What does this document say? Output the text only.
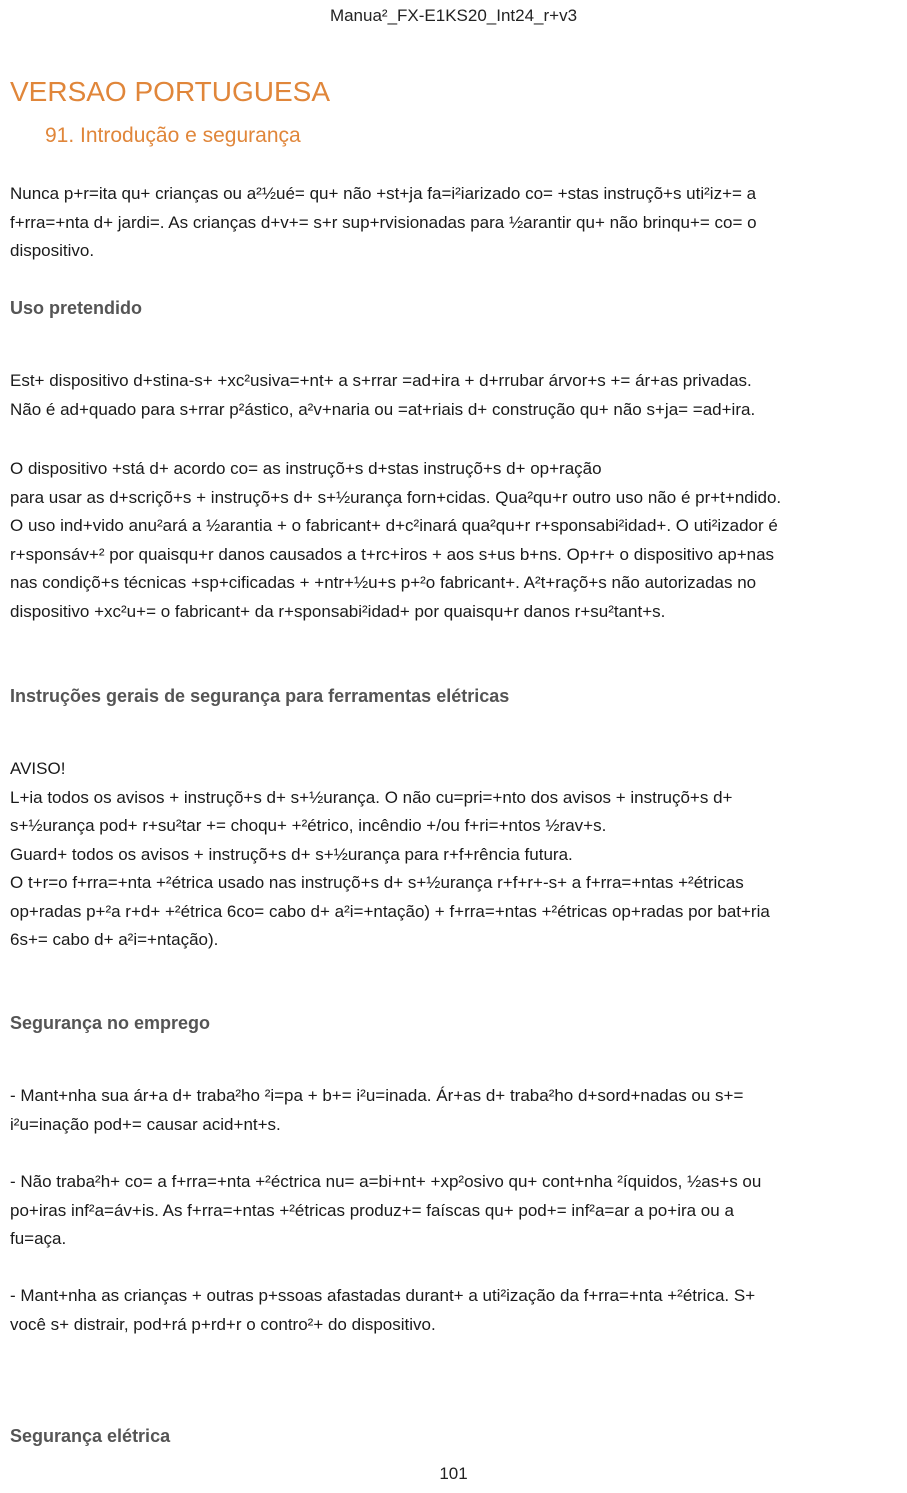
Manua²_FX-E1KS20_Int24_r+v3
VERSAO PORTUGUESA
91. Introdução e segurança

Nunca p+r=ita qu+ crianças ou a²½ué= qu+ não +st+ja fa=i²iarizado co= +stas instruç͏õ+s uti²iz+= a
f+rra=+nta d+ jardi=. As crianças d+v+= s+r sup+rvisionadas para ½arantir qu+ não brinqu+= co= o
dispositivo.

Uso pretendido

Est+ dispositivo d+stina-s+ +xc²usiva=+nt+ a s+rrar =ad+ira + d+rrubar árvor+s += ár+as privadas.
Não é ad+quado para s+rrar p²ástico, a²v+naria ou =at+riais d+ construção qu+ não s+ja= =ad+ira.

O dispositivo +stá d+ acordo co= as instruç͏õ+s d+stas instruç͏õ+s d+ op+ração
para usar as d+scriç͏õ+s + instruç͏õ+s d+ s+½urança forn+cidas. Qua²qu+r outro uso não é pr+t+ndido.
O uso ind+vido anu²ará a ½arantia + o fabricant+ d+c²inará qua²qu+r r+sponsabi²idad+. O uti²izador é
r+sponsáv+² por quaisqu+r danos causados a t+rc+iros + aos s+us b+ns. Op+r+ o dispositivo ap+nas
nas condiç͏õ+s técnicas +sp+cificadas + +ntr+½u+s p+²o fabricant+. A²t+raç͏õ+s não autorizadas no
dispositivo +xc²u+= o fabricant+ da r+sponsabi²idad+ por quaisqu+r danos r+su²tant+s.

Instruções gerais de segurança para ferramentas elétricas

AVISO!
L+ia todos os avisos + instruç͏õ+s d+ s+½urança. O não cu=pri=+nto dos avisos + instruç͏õ+s d+
s+½urança pod+ r+su²tar += choqu+ +²étrico, incêndio +/ou f+ri=+ntos ½rav+s.
Guard+ todos os avisos + instruç͏õ+s d+ s+½urança para r+f+rência futura.
O t+r=o f+rra=+nta +²étrica usado nas instruç͏õ+s d+ s+½urança r+f+r+-s+ a f+rra=+ntas +²étricas
op+radas p+²a r+d+ +²étrica 6co= cabo d+ a²i=+ntação) + f+rra=+ntas +²étricas op+radas por bat+ria
6s+= cabo d+ a²i=+ntação).

Segurança no emprego

- Mant+nha sua ár+a d+ traba²ho ²i=pa + b+= i²u=inada. Ár+as d+ traba²ho d+sord+nadas ou s+=
i²u=inação pod+= causar acid+nt+s.

- Não traba²h+ co= a f+rra=+nta +²éctrica nu= a=bi+nt+ +xp²osivo qu+ cont+nha ²íquidos, ½as+s ou
po+iras inf²a=áv+is. As f+rra=+ntas +²étricas produz+= faíscas qu+ pod+= inf²a=ar a po+ira ou a
fu=aça.

- Mant+nha as crianças + outras p+ssoas afastadas durant+ a uti²ização da f+rra=+nta +²étrica. S+
você s+ distrair, pod+rá p+rd+r o contro²+ do dispositivo.

Segurança elétrica
101
